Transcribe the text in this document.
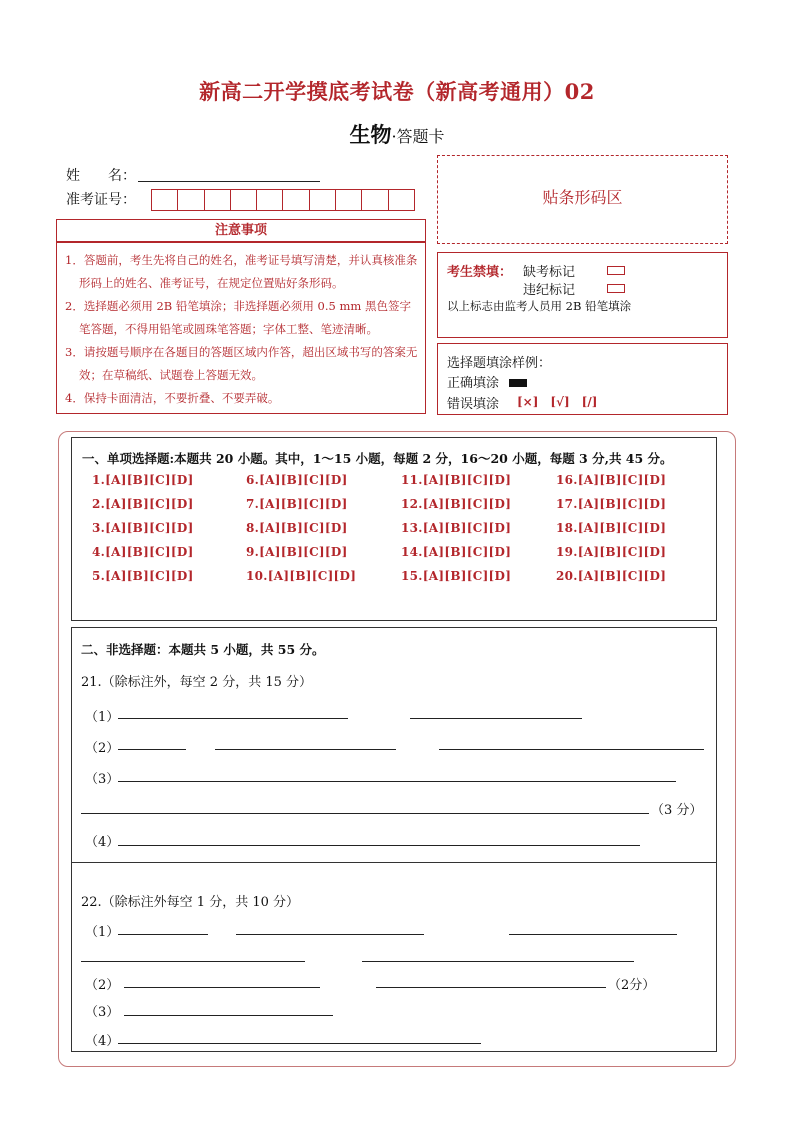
新高二开学摸底考试卷（新高考通用）02
生物·答题卡
姓　　名：
准考证号：
注意事项
1．答题前，考生先将自己的姓名，准考证号填写清楚，并认真核准条形码上的姓名、准考证号，在规定位置贴好条形码。
2．选择题必须用 2B 铅笔填涂；非选择题必须用 0.5 mm 黑色签字笔答题，不得用铅笔或圆珠笔答题；字体工整、笔迹清晰。
3．请按题号顺序在各题目的答题区域内作答，超出区域书写的答案无效；在草稿纸、试题卷上答题无效。
4．保持卡面清洁，不要折叠、不要弄破。
贴条形码区
考生禁填： 缺考标记
违纪标记
以上标志由监考人员用 2B 铅笔填涂
选择题填涂样例：
正确填涂
错误填涂 [×]　[√]　[/]
一、单项选择题:本题共 20 小题。其中，1～15 小题，每题 2 分，16～20 小题，每题 3 分,共 45 分。
1.[A][B][C][D]	6.[A][B][C][D]	11.[A][B][C][D]	16.[A][B][C][D]
2.[A][B][C][D]	7.[A][B][C][D]	12.[A][B][C][D]	17.[A][B][C][D]
3.[A][B][C][D]	8.[A][B][C][D]	13.[A][B][C][D]	18.[A][B][C][D]
4.[A][B][C][D]	9.[A][B][C][D]	14.[A][B][C][D]	19.[A][B][C][D]
5.[A][B][C][D]	10.[A][B][C][D]	15.[A][B][C][D]	20.[A][B][C][D]
二、非选择题：本题共 5 小题，共 55 分。
21.（除标注外，每空 2 分，共 15 分）
（1）
（2）
（3）
（3 分）
（4）
22.（除标注外每空 1 分，共 10 分）
（1）
（2）	（2分）
（3）
（4）
